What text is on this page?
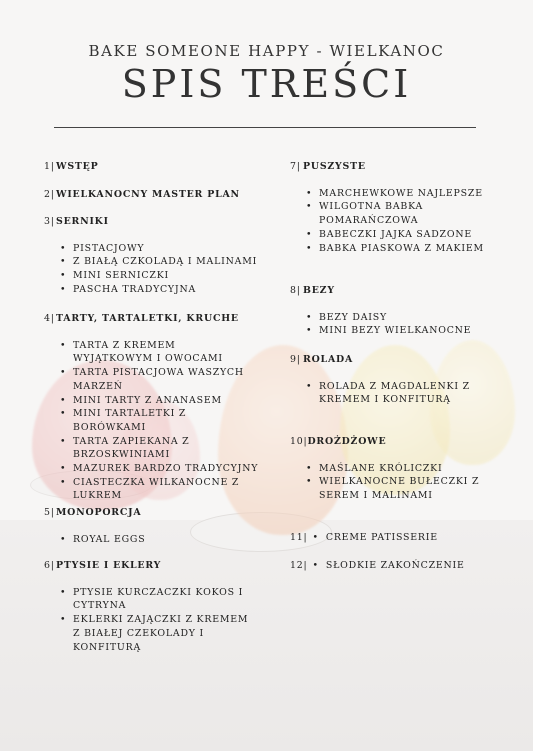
BAKE SOMEONE HAPPY - WIELKANOC
SPIS TREŚCI
1| WSTĘP
2| WIELKANOCNY MASTER PLAN
3| SERNIKI
• PISTACJOWY
• Z BIAŁĄ CZKOLADĄ I MALINAMI
• MINI SERNICZKI
• PASCHA TRADYCYJNA
4| TARTY, TARTALETKI, KRUCHE
• TARTA Z KREMEM WYJĄTKOWYM I OWOCAMI
• TARTA PISTACJOWA WASZYCH MARZEŃ
• MINI TARTY Z ANANASEM
• MINI TARTALETKI Z BORÓWKAMI
• TARTA ZAPIEKANA Z BRZOSKWINIAMI
• MAZUREK BARDZO TRADYCYJNY
• CIASTECZKA WILKANOCNE Z LUKREM
5| MONOPORCJA
• ROYAL EGGS
6| PTYSIE I EKLERY
• PTYSIE KURCZACZKI KOKOS I CYTRYNA
• EKLERKI ZAJĄCZKI Z KREMEM Z BIAŁEJ CZEKOLADY I KONFITURĄ
7| PUSZYSTE
• MARCHEWKOWE NAJLEPSZE
• WILGOTNA BABKA POMARAŃCZOWA
• BABECZKI JAJKA SADZONE
• BABKA PIASKOWA Z MAKIEM
8| BEZY
• BEZY DAISY
• MINI BEZY WIELKANOCNE
9| ROLADA
• ROLADA Z MAGDALENKI Z KREMEM I KONFITURĄ
10| DROŻDŻOWE
• MAŚLANE KRÓLICZKI
• WIELKANOCNE BUŁECZKI Z SEREM I MALINAMI
11| • CREME PATISSERIE
12| • SŁODKIE ZAKOŃCZENIE
